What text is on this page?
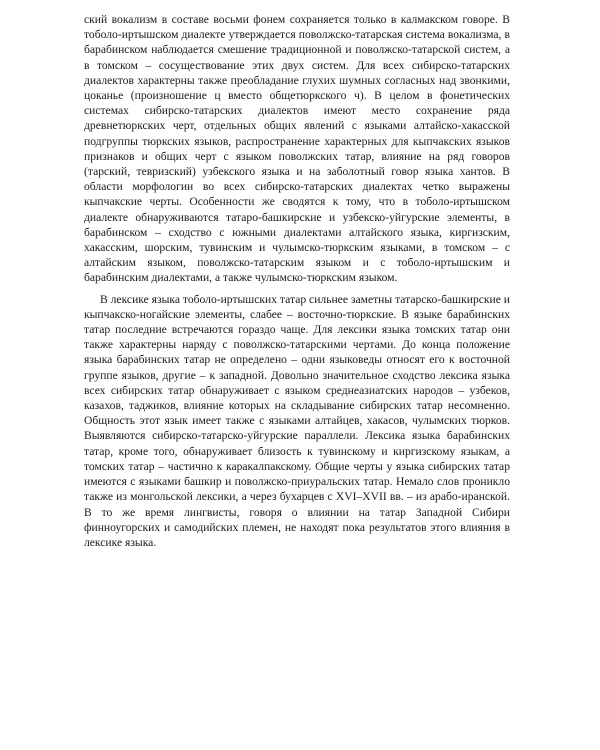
ский вокализм в составе восьми фонем сохраняется только в калмакском говоре. В тоболо-иртышском диалекте утверждается поволжско-татарская система вокализма, в барабинском наблюдается смешение традиционной и поволжско-татарской систем, а в томском – сосуществование этих двух систем. Для всех сибирско-татарских диалектов характерны также преобладание глухих шумных согласных над звонкими, цоканье (произношение ц вместо общетюркского ч). В целом в фонетических системах сибирско-татарских диалектов имеют место сохранение ряда древнетюркских черт, отдельных общих явлений с языками алтайско-хакасской подгруппы тюркских языков, распространение характерных для кыпчакских языков признаков и общих черт с языком поволжских татар, влияние на ряд говоров (тарский, тевризский) узбекского языка и на заболотный говор языка хантов. В области морфологии во всех сибирско-татарских диалектах четко выражены кыпчакские черты. Особенности же сводятся к тому, что в тоболо-иртышском диалекте обнаруживаются татаро-башкирские и узбекско-уйгурские элементы, в барабинском – сходство с южными диалектами алтайского языка, киргизским, хакасским, шорским, тувинским и чулымско-тюркским языками, в томском – с алтайским языком, поволжско-татарским языком и с тоболо-иртышским и барабинским диалектами, а также чулымско-тюркским языком.

В лексике языка тоболо-иртышских татар сильнее заметны татарско-башкирские и кыпчакско-ногайские элементы, слабее – восточно-тюркские. В языке барабинских татар последние встречаются гораздо чаще. Для лексики языка томских татар они также характерны наряду с поволжско-татарскими чертами. До конца положение языка барабинских татар не определено – одни языковеды относят его к восточной группе языков, другие – к западной. Довольно значительное сходство лексика языка всех сибирских татар обнаруживает с языком среднеазиатских народов – узбеков, казахов, таджиков, влияние которых на складывание сибирских татар несомненно. Общность этот язык имеет также с языками алтайцев, хакасов, чулымских тюрков. Выявляются сибирско-татарско-уйгурские параллели. Лексика языка барабинских татар, кроме того, обнаруживает близость к тувинскому и киргизскому языкам, а томских татар – частично к каракалпакскому. Общие черты у языка сибирских татар имеются с языками башкир и поволжско-приуральских татар. Немало слов проникло также из монгольской лексики, а через бухарцев с XVI–XVII вв. – из арабо-иранской. В то же время лингвисты, говоря о влиянии на татар Западной Сибири финноугорских и самодийских племен, не находят пока результатов этого влияния в лексике языка.
